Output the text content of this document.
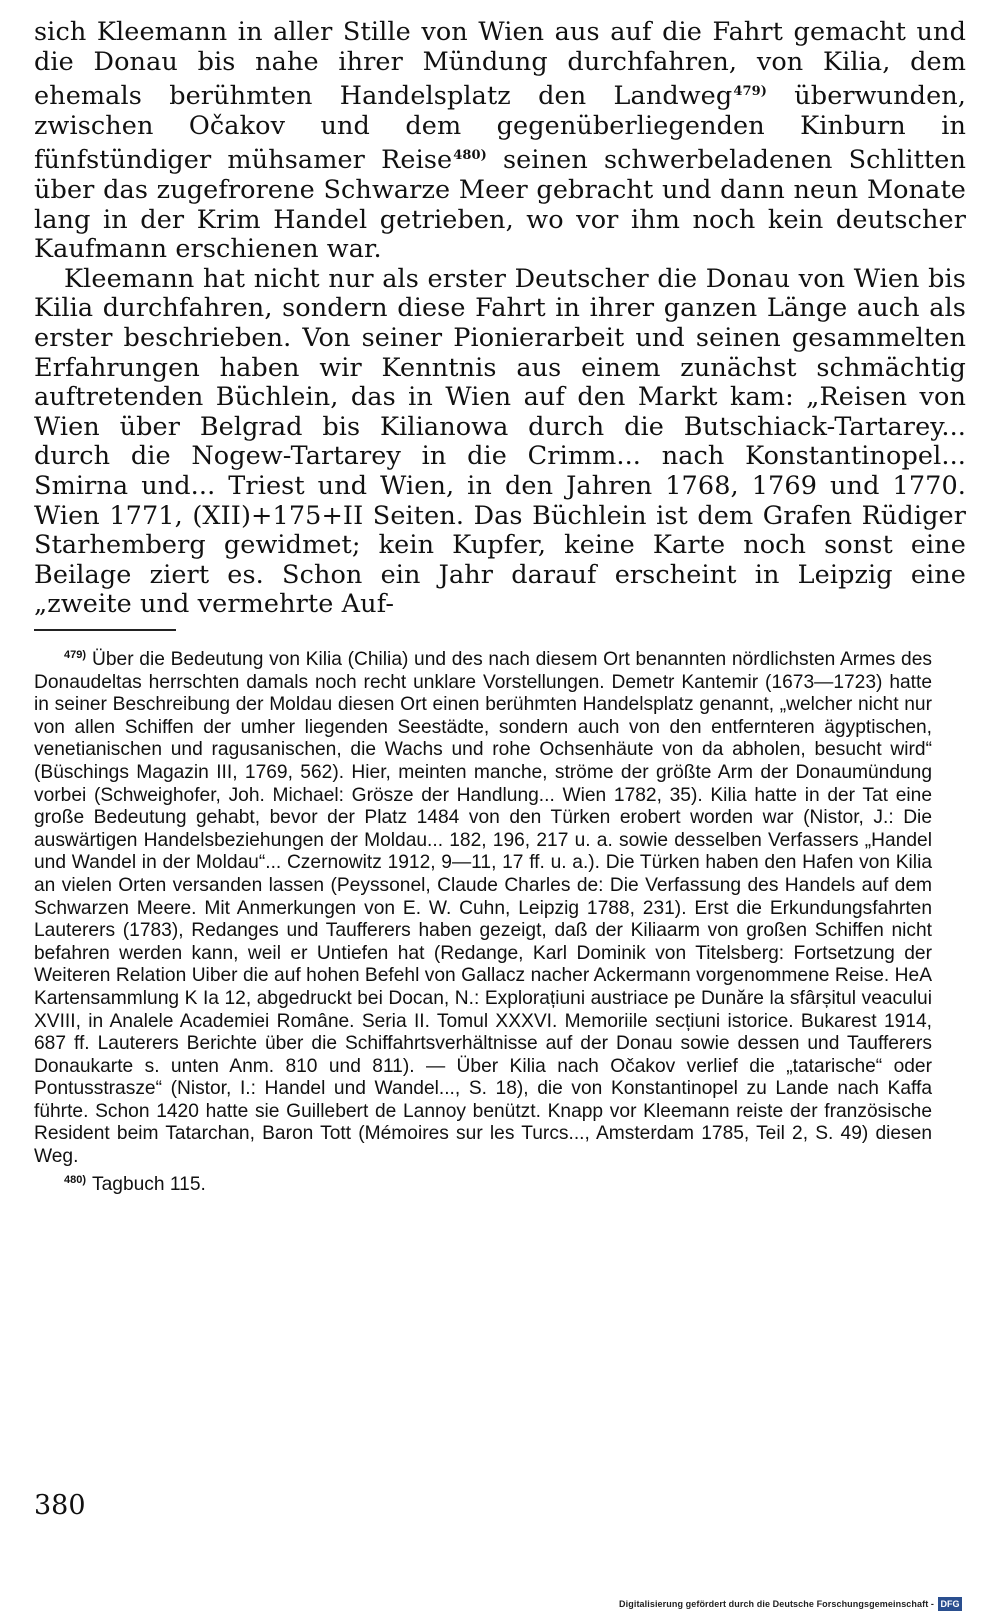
sich Kleemann in aller Stille von Wien aus auf die Fahrt gemacht und die Donau bis nahe ihrer Mündung durchfahren, von Kilia, dem ehemals berühmten Handelsplatz den Landweg$^{479)}$ überwunden, zwischen Očakov und dem gegenüberliegenden Kinburn in fünfstündiger mühsamer Reise$^{480)}$ seinen schwerbeladenen Schlitten über das zugefrorene Schwarze Meer gebracht und dann neun Monate lang in der Krim Handel getrieben, wo vor ihm noch kein deutscher Kaufmann erschienen war.

Kleemann hat nicht nur als erster Deutscher die Donau von Wien bis Kilia durchfahren, sondern diese Fahrt in ihrer ganzen Länge auch als erster beschrieben. Von seiner Pionierarbeit und seinen gesammelten Erfahrungen haben wir Kenntnis aus einem zunächst schmächtig auftretenden Büchlein, das in Wien auf den Markt kam: „Reisen von Wien über Belgrad bis Kilianowa durch die Butschiack-Tartarey... durch die Nogew-Tartarey in die Crimm... nach Konstantinopel... Smirna und... Triest und Wien, in den Jahren 1768, 1769 und 1770. Wien 1771, (XII)+175+II Seiten. Das Büchlein ist dem Grafen Rüdiger Starhemberg gewidmet; kein Kupfer, keine Karte noch sonst eine Beilage ziert es. Schon ein Jahr darauf erscheint in Leipzig eine „zweite und vermehrte Auf-

$^{479)}$ Über die Bedeutung von Kilia (Chilia) und des nach diesem Ort benannten nördlichsten Armes des Donaudeltas herrschten damals noch recht unklare Vorstellungen. Demetr Kantemir (1673—1723) hatte in seiner Beschreibung der Moldau diesen Ort einen berühmten Handelsplatz genannt, „welcher nicht nur von allen Schiffen der umher liegenden Seestädte, sondern auch von den entfernteren ägyptischen, venetianischen und ragusanischen, die Wachs und rohe Ochsenhäute von da abholen, besucht wird“ (Büschings Magazin III, 1769, 562). Hier, meinten manche, ströme der größte Arm der Donaumündung vorbei (Schweighofer, Joh. Michael: Grösze der Handlung... Wien 1782, 35). Kilia hatte in der Tat eine große Bedeutung gehabt, bevor der Platz 1484 von den Türken erobert worden war (Nistor, J.: Die auswärtigen Handelsbeziehungen der Moldau... 182, 196, 217 u. a. sowie desselben Verfassers „Handel und Wandel in der Moldau“... Czernowitz 1912, 9—11, 17 ff. u. a.). Die Türken haben den Hafen von Kilia an vielen Orten versanden lassen (Peyssonel, Claude Charles de: Die Verfassung des Handels auf dem Schwarzen Meere. Mit Anmerkungen von E. W. Cuhn, Leipzig 1788, 231). Erst die Erkundungsfahrten Lauterers (1783), Redanges und Taufferers haben gezeigt, daß der Kiliaarm von großen Schiffen nicht befahren werden kann, weil er Untiefen hat (Redange, Karl Dominik von Titelsberg: Fortsetzung der Weiteren Relation Uiber die auf hohen Befehl von Gallacz nacher Ackermann vorgenommene Reise. HeA Kartensammlung K Ia 12, abgedruckt bei Docan, N.: Explorațiuni austriace pe Dunăre la sfârșitul veacului XVIII, in Analele Academiei Române. Seria II. Tomul XXXVI. Memoriile secțiuni istorice. Bukarest 1914, 687 ff. Lauterers Berichte über die Schiffahrtsverhältnisse auf der Donau sowie dessen und Taufferers Donaukarte s. unten Anm. 810 und 811). — Über Kilia nach Očakov verlief die „tatarische“ oder Pontusstrasze“ (Nistor, I.: Handel und Wandel..., S. 18), die von Konstantinopel zu Lande nach Kaffa führte. Schon 1420 hatte sie Guillebert de Lannoy benützt. Knapp vor Kleemann reiste der französische Resident beim Tatarchan, Baron Tott (Mémoires sur les Turcs..., Amsterdam 1785, Teil 2, S. 49) diesen Weg.

$^{480)}$ Tagbuch 115.

380
Digitalisierung gefördert durch die Deutsche Forschungsgemeinschaft - DFG
